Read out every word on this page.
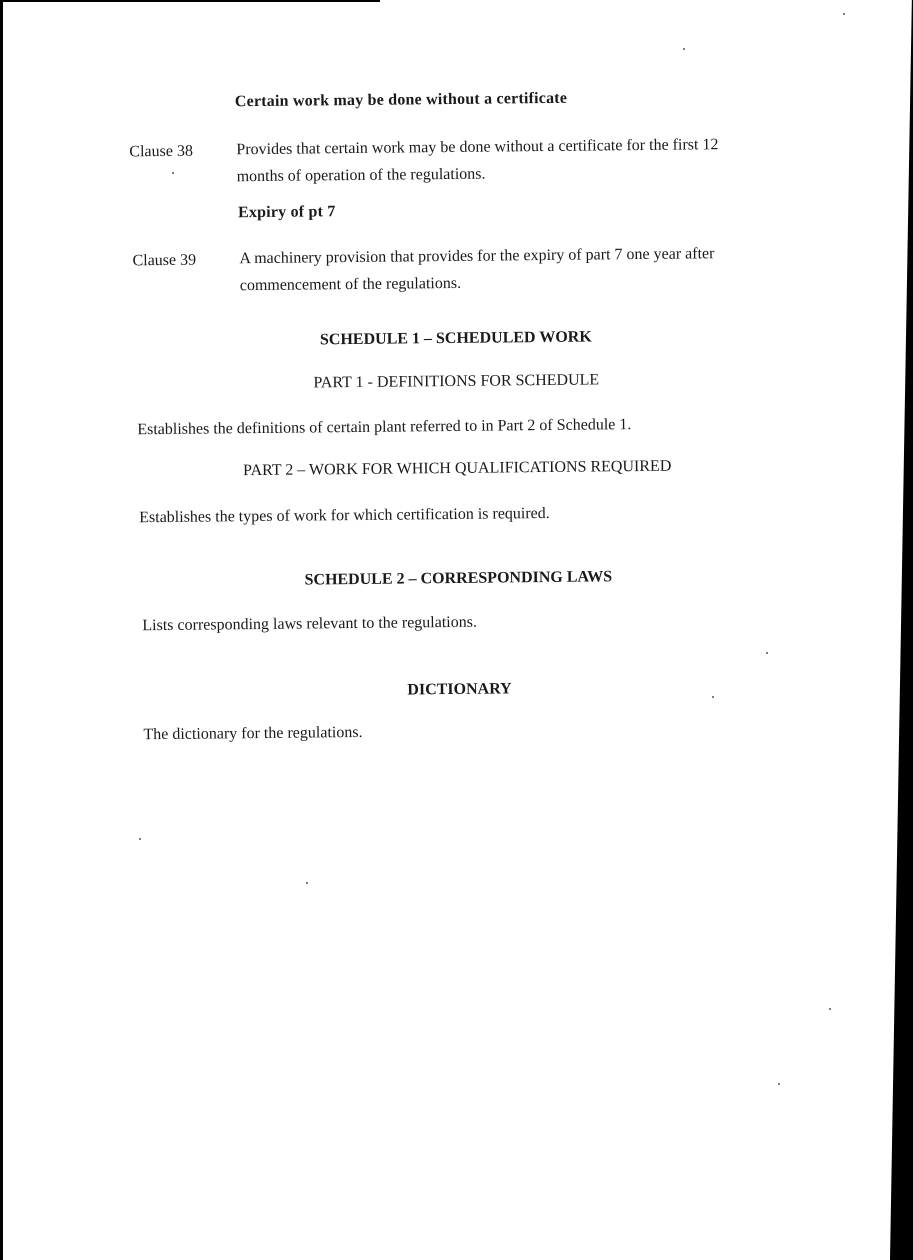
Certain work may be done without a certificate
Clause 38	Provides that certain work may be done without a certificate for the first 12
months of operation of the regulations.
Expiry of pt 7
Clause 39	A machinery provision that provides for the expiry of part 7 one year after
commencement of the regulations.
SCHEDULE 1 – SCHEDULED WORK
PART 1 - DEFINITIONS FOR SCHEDULE
Establishes the definitions of certain plant referred to in Part 2 of Schedule 1.
PART 2 – WORK FOR WHICH QUALIFICATIONS REQUIRED
Establishes the types of work for which certification is required.
SCHEDULE 2 – CORRESPONDING LAWS
Lists corresponding laws relevant to the regulations.
DICTIONARY
The dictionary for the regulations.
